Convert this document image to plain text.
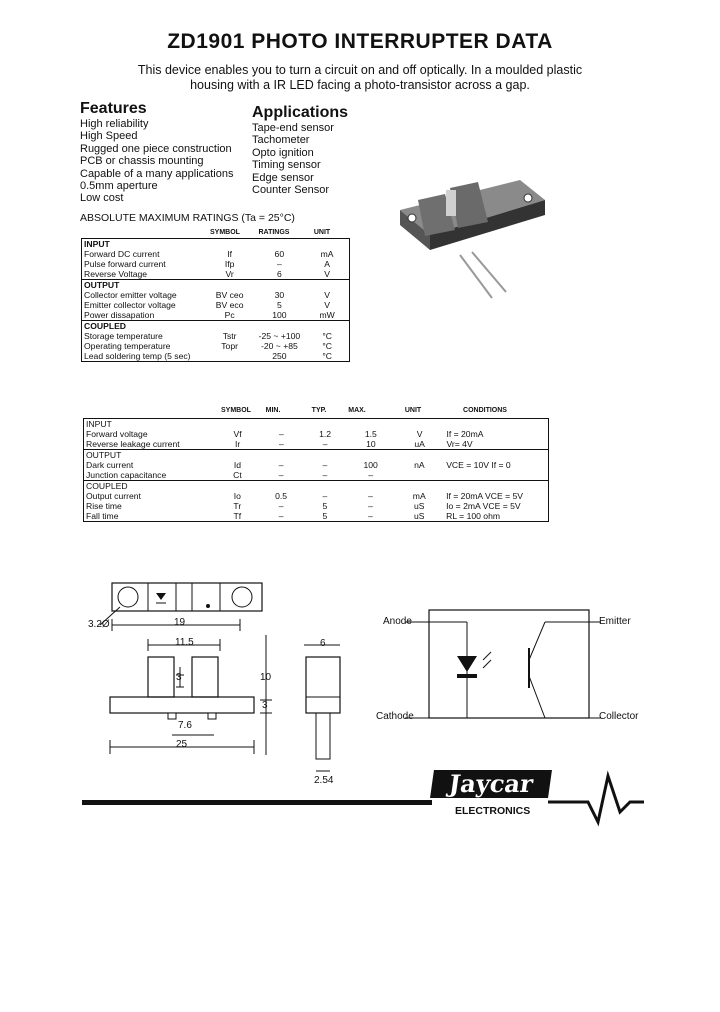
ZD1901 PHOTO INTERRUPTER DATA
This device enables you to turn a circuit on and off optically. In a moulded plastic
housing with a IR LED facing a photo-transistor across a gap.
Features
High reliability
High Speed
Rugged one piece construction
PCB or chassis mounting
Capable of a many applications
0.5mm aperture
Low cost
Applications
Tape-end sensor
Tachometer
Opto ignition
Timing sensor
Edge sensor
Counter Sensor
ABSOLUTE MAXIMUM RATINGS (Ta = 25°C)
SYMBOL	RATINGS	UNIT
INPUT			
Forward DC current	If	60	mA
Pulse forward current	Ifp	–	A
Reverse Voltage	Vr	6	V
OUTPUT			
Collector emitter voltage	BV ceo	30	V
Emitter collector voltage	BV eco	5	V
Power dissapation	Pc	100	mW
COUPLED			
Storage temperature	Tstr	-25 ~ +100	°C
Operating temperature	Topr	-20 ~ +85	°C
Lead soldering temp (5 sec)		250	°C
SYMBOL	MIN.	TYP.	MAX.	UNIT	CONDITIONS
INPUT						
Forward voltage	Vf	–	1.2	1.5	V	If = 20mA
Reverse leakage current	Ir	–	–	10	uA	Vr= 4V
OUTPUT						
Dark current	Id	–	–	100	nA	VCE = 10V If = 0
Junction capacitance	Ct	–	–	–		
COUPLED						
Output current	Io	0.5	–	–	mA	If = 20mA VCE = 5V
Rise time	Tr	–	5	–	uS	Io = 2mA VCE = 5V
Fall time	Tf	–	5	–	uS	RL = 100 ohm
3.2Ø	19
11.5
3	10
3
7.6
25
6
2.54
Anode
Cathode
Emitter
Collector
Jaycar
ELECTRONICS
